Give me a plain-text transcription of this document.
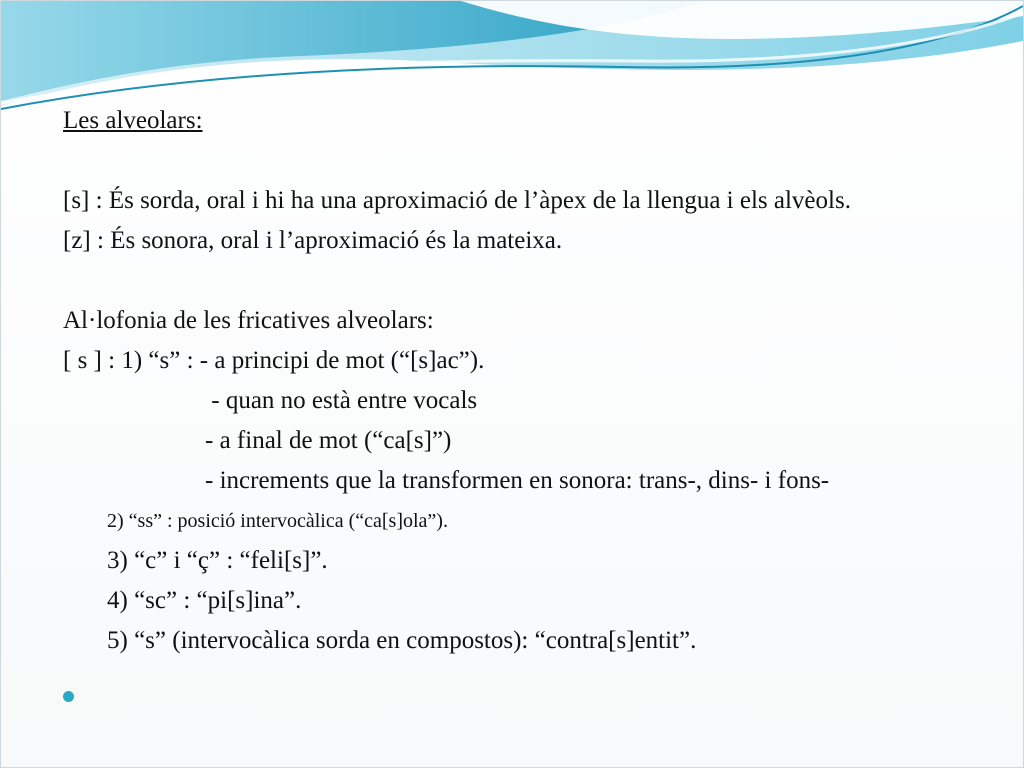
Les alveolars:
[s] : És sorda, oral i hi ha una aproximació de l’àpex de la llengua i els alvèols.
[z] : És sonora, oral i l’aproximació és la mateixa.
Al·lofonia de les fricatives alveolars:
[ s ] : 1) “s” : - a principi de mot (“[s]ac”).
- quan no està entre vocals
- a final de mot (“ca[s]”)
- increments que la transformen en sonora: trans-, dins- i fons-
2) “ss” : posició intervocàlica (“ca[s]ola”).
3) “c” i “ç” : “feli[s]”.
4) “sc” : “pi[s]ina”.
5) “s” (intervocàlica sorda en compostos): “contra[s]entit”.
